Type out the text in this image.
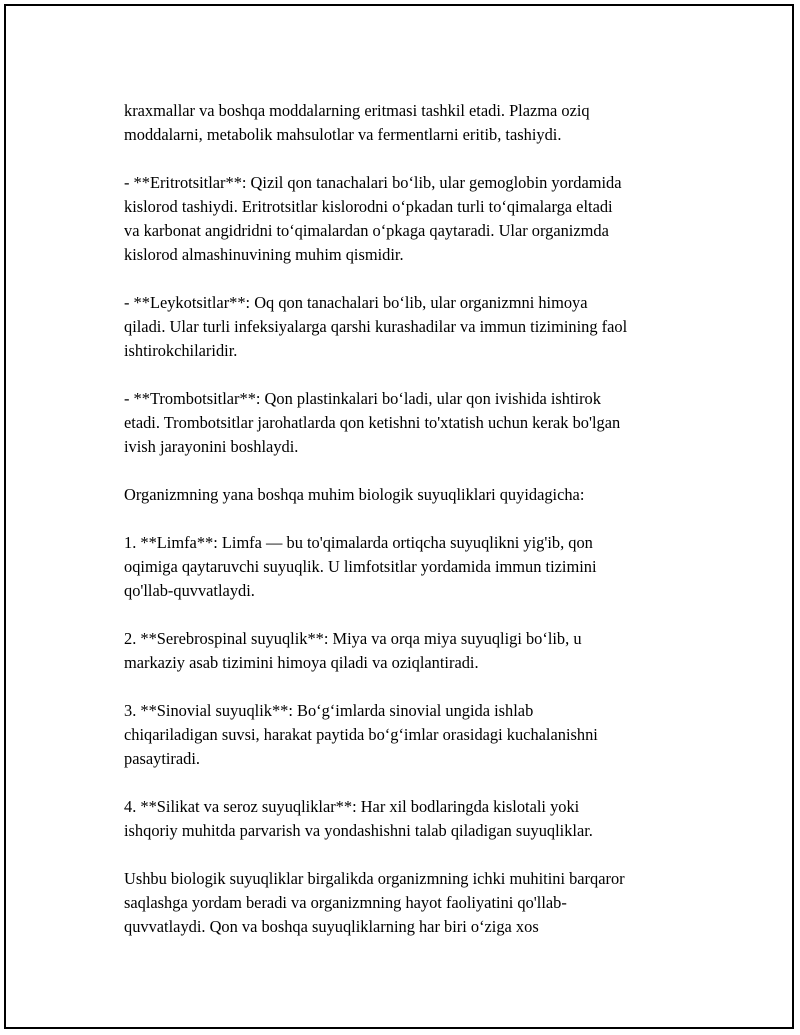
kraxmallar va boshqa moddalarning eritmasi tashkil etadi. Plazma oziq
moddalarni, metabolik mahsulotlar va fermentlarni eritib, tashiydi.

- **Eritrotsitlar**: Qizil qon tanachalari bo‘lib, ular gemoglobin yordamida
kislorod tashiydi. Eritrotsitlar kislorodni o‘pkadan turli to‘qimalarga eltadi
va karbonat angidridni to‘qimalardan o‘pkaga qaytaradi. Ular organizmda
kislorod almashinuvining muhim qismidir.

- **Leykotsitlar**: Oq qon tanachalari bo‘lib, ular organizmni himoya
qiladi. Ular turli infeksiyalarga qarshi kurashadilar va immun tizimining faol
ishtirokchilaridir.

- **Trombotsitlar**: Qon plastinkalari bo‘ladi, ular qon ivishida ishtirok
etadi. Trombotsitlar jarohatlarda qon ketishni to'xtatish uchun kerak bo'lgan
ivish jarayonini boshlaydi.

Organizmning yana boshqa muhim biologik suyuqliklari quyidagicha:

1. **Limfa**: Limfa — bu to'qimalarda ortiqcha suyuqlikni yig'ib, qon
oqimiga qaytaruvchi suyuqlik. U limfotsitlar yordamida immun tizimini
qo'llab-quvvatlaydi.

2. **Serebrospinal suyuqlik**: Miya va orqa miya suyuqligi bo‘lib, u
markaziy asab tizimini himoya qiladi va oziqlantiradi.

3. **Sinovial suyuqlik**: Bo‘g‘imlarda sinovial ungida ishlab
chiqariladigan suvsi, harakat paytida bo‘g‘imlar orasidagi kuchalanishni
pasaytiradi.

4. **Silikat va seroz suyuqliklar**: Har xil bodlaringda kislotali yoki
ishqoriy muhitda parvarish va yondashishni talab qiladigan suyuqliklar.

Ushbu biologik suyuqliklar birgalikda organizmning ichki muhitini barqaror
saqlashga yordam beradi va organizmning hayot faoliyatini qo'llab-
quvvatlaydi. Qon va boshqa suyuqliklarning har biri o‘ziga xos
